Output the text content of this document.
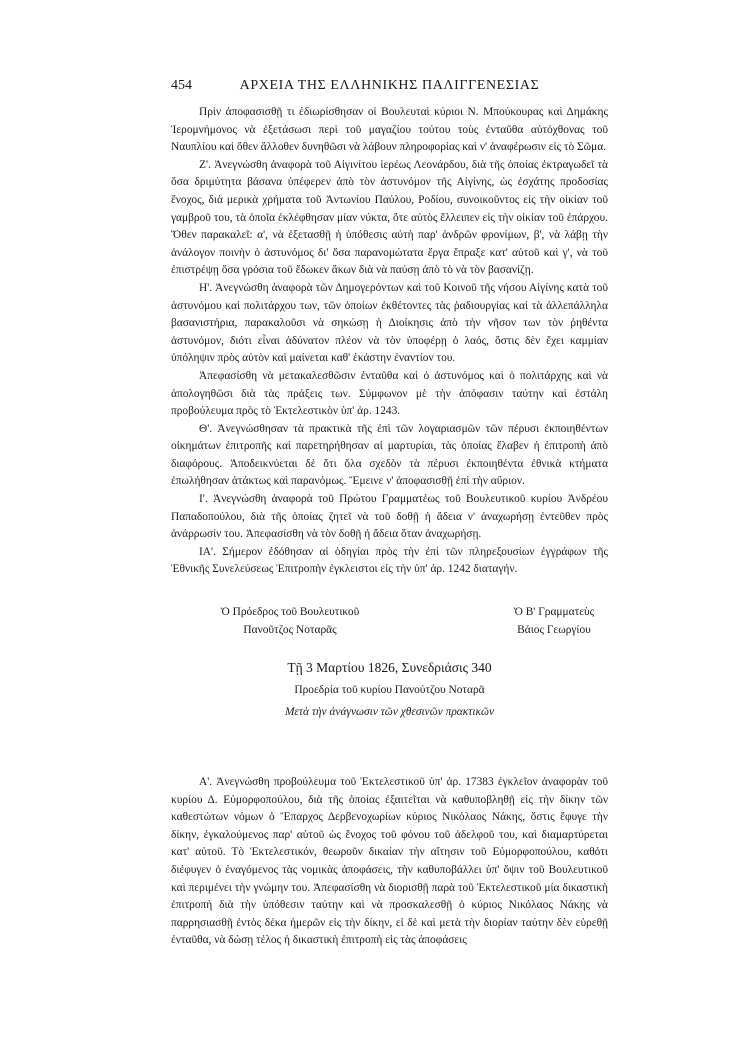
454	ΑΡΧΕΙΑ ΤΗΣ ΕΛΛΗΝΙΚΗΣ ΠΑΛΙΓΓΕΝΕΣΙΑΣ

Πρὶν ἀποφασισθῇ τι ἐδιωρίσθησαν οἱ Βουλευταὶ κύριοι Ν. Μπούκουρας καὶ Δημάκης Ἱερομνήμονος νὰ ἐξετάσωσι περὶ τοῦ μαγαζίου τούτου τοὺς ἐνταῦθα αὐτόχθονας τοῦ Ναυπλίου καὶ ὅθεν ἄλλοθεν δυνηθῶσι νὰ λάβουν πληροφορίας καὶ ν' ἀναφέρωσιν εἰς τὸ Σῶμα.

Ζ'. Ἀνεγνώσθη ἀναφορὰ τοῦ Αἰγινίτου ἱερέως Λεονάρδου, διὰ τῆς ὁποίας ἐκτραγωδεῖ τὰ ὅσα δριμύτητα βάσανα ὑπέφερεν ἀπὸ τὸν ἀστυνόμον τῆς Αἰγίνης, ὡς ἐσχάτης προδοσίας ἔνοχος, διὰ μερικὰ χρήματα τοῦ Ἀντωνίου Παύλου, Ροδίου, συνοικοῦντος εἰς τὴν οἰκίαν τοῦ γαμβροῦ του, τὰ ὁποῖα ἐκλέφθησαν μίαν νύκτα, ὅτε αὐτὸς ἔλλειπεν εἰς τὴν οἰκίαν τοῦ ἐπάρχου. Ὅθεν παρακαλεῖ: α', νὰ ἐξετασθῇ ἡ ὑπόθεσις αὐτὴ παρ' ἀνδρῶν φρονίμων, β', νὰ λάβῃ τὴν ἀνάλογον ποινὴν ὁ ἀστυνόμος δι' ὅσα παρανομώτατα ἔργα ἔπραξε κατ' αὐτοῦ καὶ γ', νὰ τοῦ ἐπιστρέψῃ ὅσα γρόσια τοῦ ἔδωκεν ἄκων διὰ νὰ παύσῃ ἀπὸ τὸ νὰ τὸν βασανίζῃ.

Η'. Ἀνεγνώσθη ἀναφορὰ τῶν Δημογερόντων καὶ τοῦ Κοινοῦ τῆς νήσου Αἰγίνης κατὰ τοῦ ἀστυνόμου καὶ πολιτάρχου των, τῶν ὁποίων ἐκθέτοντες τὰς ῥαδιουργίας καὶ τὰ ἀλλεπάλληλα βασανιστήρια, παρακαλοῦσι νὰ σηκώσῃ ἡ Διοίκησις ἀπὸ τὴν νῆσον των τὸν ῥηθέντα ἀστυνόμον, διότι εἶναι ἀδύνατον πλέον νὰ τὸν ὑποφέρῃ ὁ λαός, ὅστις δὲν ἔχει καμμίαν ὑπόληψιν πρὸς αὐτὸν καὶ μαίνεται καθ' ἑκάστην ἐναντίον του.

Ἀπεφασίσθη νὰ μετακαλεσθῶσιν ἐνταῦθα καὶ ὁ ἀστυνόμος καὶ ὁ πολιτάρχης καὶ νὰ ἀπολογηθῶσι διὰ τὰς πράξεις των. Σύμφωνον μὲ τὴν ἀπόφασιν ταύτην καὶ ἐστάλη προβούλευμα πρὸς τὸ Ἐκτελεστικὸν ὑπ' ἀρ. 1243.

Θ'. Ἀνεγνώσθησαν τὰ πρακτικὰ τῆς ἐπὶ τῶν λογαριασμῶν τῶν πέρυσι ἐκποιηθέντων οἰκημάτων ἐπιτροπῆς καὶ παρετηρήθησαν αἱ μαρτυρίαι, τὰς ὁποίας ἔλαβεν ἡ ἐπιτροπὴ ἀπὸ διαφόρους. Ἀποδεικνύεται δὲ ὅτι ὅλα σχεδὸν τὰ πέρυσι ἐκποιηθέντα ἐθνικὰ κτήματα ἐπωλήθησαν ἀτάκτως καὶ παρανόμως. Ἔμεινε ν' ἀποφασισθῇ ἐπὶ τὴν αὔριον.

Ι'. Ἀνεγνώσθη ἀναφορὰ τοῦ Πρώτου Γραμματέως τοῦ Βουλευτικοῦ κυρίου Ἀνδρέου Παπαδοπούλου, διὰ τῆς ὁποίας ζητεῖ νὰ τοῦ δοθῇ ἡ ἄδεια ν' ἀναχωρήσῃ ἐντεῦθεν πρὸς ἀνάρρωσίν του. Ἀπεφασίσθη νὰ τὸν δοθῇ ἡ ἄδεια ὅταν ἀναχωρήσῃ.

ΙΑ'. Σήμερον ἐδόθησαν αἱ ὁδηγίαι πρὸς τὴν ἐπὶ τῶν πληρεξουσίων ἐγγράφων τῆς Ἐθνικῆς Συνελεύσεως Ἐπιτροπὴν ἐγκλειστοι εἰς τὴν ὑπ' ἀρ. 1242 διαταγήν.

Ὁ Πρόεδρος τοῦ Βουλευτικοῦ
Πανοῦτζος Νοταρᾶς
Ὁ Β' Γραμματεὺς
Βάιος Γεωργίου
Τῇ 3 Μαρτίου 1826, Συνεδριάσις 340
Προεδρία τοῦ κυρίου Πανούτζου Νοταρᾶ
Μετὰ τὴν ἀνάγνωσιν τῶν χθεσινῶν πρακτικῶν

Α'. Ἀνεγνώσθη προβούλευμα τοῦ Ἐκτελεστικοῦ ὑπ' ἀρ. 17383 ἐγκλεῖον ἀναφορὰν τοῦ κυρίου Δ. Εὐμορφοπούλου, διὰ τῆς ὁποίας ἐξαιτεῖται νὰ καθυποβληθῇ εἰς τὴν δίκην τῶν καθεστώτων νόμων ὁ Ἔπαρχος Δερβενοχωρίων κύριος Νικόλαος Νάκης, ὅστις ἔφυγε τὴν δίκην, ἐγκαλούμενος παρ' αὐτοῦ ὡς ἔνοχος τοῦ φόνου τοῦ ἀδελφοῦ του, καὶ διαμαρτύρεται κατ' αὐτοῦ. Τὸ Ἐκτελεστικόν, θεωροῦν δικαίαν τὴν αἴτησιν τοῦ Εὐμορφοπούλου, καθότι διέφυγεν ὁ ἐναγόμενος τὰς νομικὰς ἀποφάσεις, τὴν καθυποβάλλει ὑπ' ὄψιν τοῦ Βουλευτικοῦ καὶ περιμένει τὴν γνώμην του. Ἀπεφασίσθη νὰ διορισθῇ παρὰ τοῦ Ἐκτελεστικοῦ μία δικαστικὴ ἐπιτροπὴ διὰ τὴν ὑπόθεσιν ταύτην καὶ νὰ προσκαλεσθῇ ὁ κύριος Νικόλαος Νάκης νὰ παρρησιασθῇ ἐντὸς δέκα ἡμερῶν εἰς τὴν δίκην, εἰ δὲ καὶ μετὰ τὴν διορίαν ταύτην δὲν εὑρεθῇ ἐνταῦθα, νὰ δώσῃ τέλος ἡ δικαστικὴ ἐπιτροπὴ εἰς τὰς ἀποφάσεις
